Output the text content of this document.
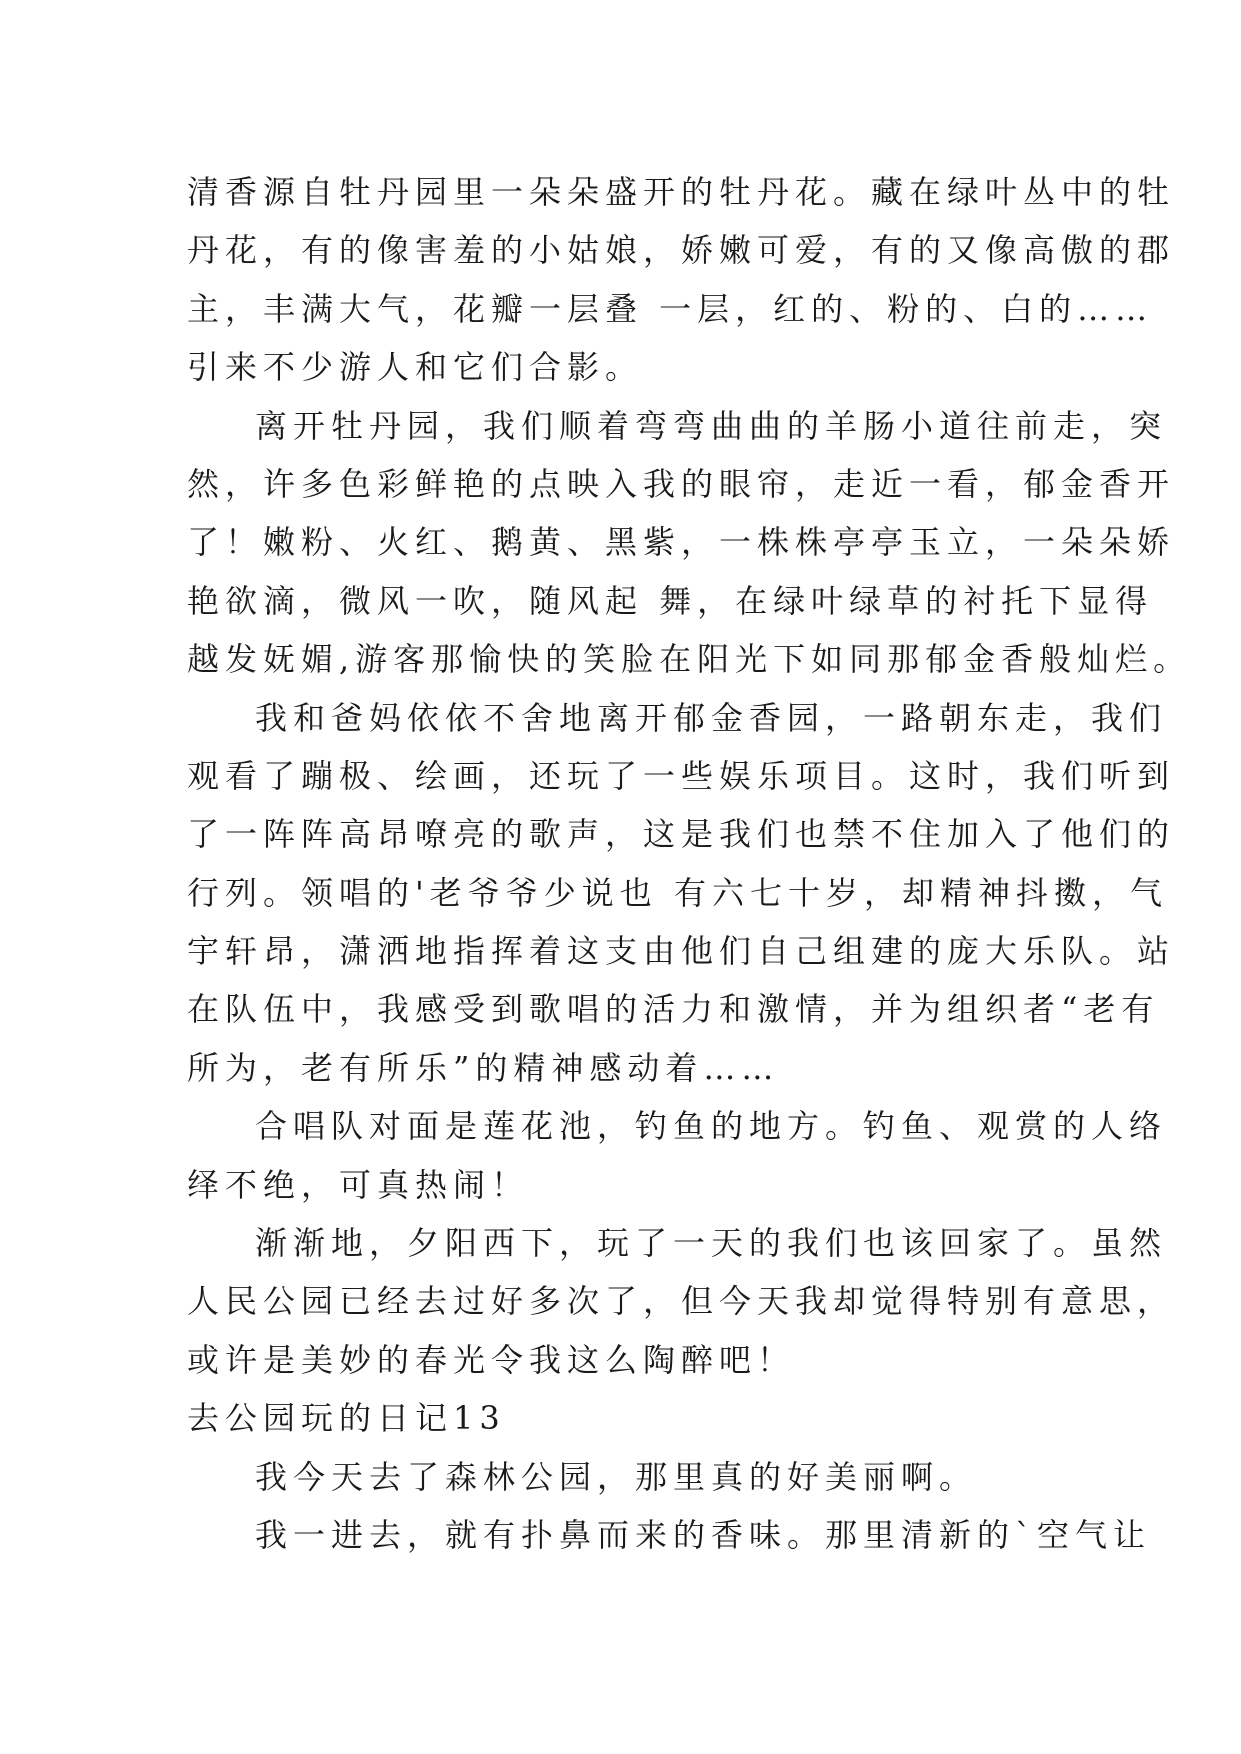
清香源自牡丹园里一朵朵盛开的牡丹花。藏在绿叶丛中的牡
丹花，有的像害羞的小姑娘，娇嫩可爱，有的又像高傲的郡
主，丰满大气，花瓣一层叠 一层，红的、粉的、白的……
引来不少游人和它们合影。
离开牡丹园，我们顺着弯弯曲曲的羊肠小道往前走，突
然，许多色彩鲜艳的点映入我的眼帘，走近一看，郁金香开
了！嫩粉、火红、鹅黄、黑紫，一株株亭亭玉立，一朵朵娇
艳欲滴，微风一吹，随风起 舞，在绿叶绿草的衬托下显得
越发妩媚,游客那愉快的笑脸在阳光下如同那郁金香般灿烂。
我和爸妈依依不舍地离开郁金香园，一路朝东走，我们
观看了蹦极、绘画，还玩了一些娱乐项目。这时，我们听到
了一阵阵高昂嘹亮的歌声，这是我们也禁不住加入了他们的
行列。领唱的'老爷爷少说也 有六七十岁，却精神抖擞，气
宇轩昂，潇洒地指挥着这支由他们自己组建的庞大乐队。站
在队伍中，我感受到歌唱的活力和激情，并为组织者“老有
所为，老有所乐”的精神感动着……
合唱队对面是莲花池，钓鱼的地方。钓鱼、观赏的人络
绎不绝，可真热闹！
渐渐地，夕阳西下，玩了一天的我们也该回家了。虽然
人民公园已经去过好多次了，但今天我却觉得特别有意思，
或许是美妙的春光令我这么陶醉吧！
去公园玩的日记13
我今天去了森林公园，那里真的好美丽啊。
我一进去，就有扑鼻而来的香味。那里清新的`空气让
